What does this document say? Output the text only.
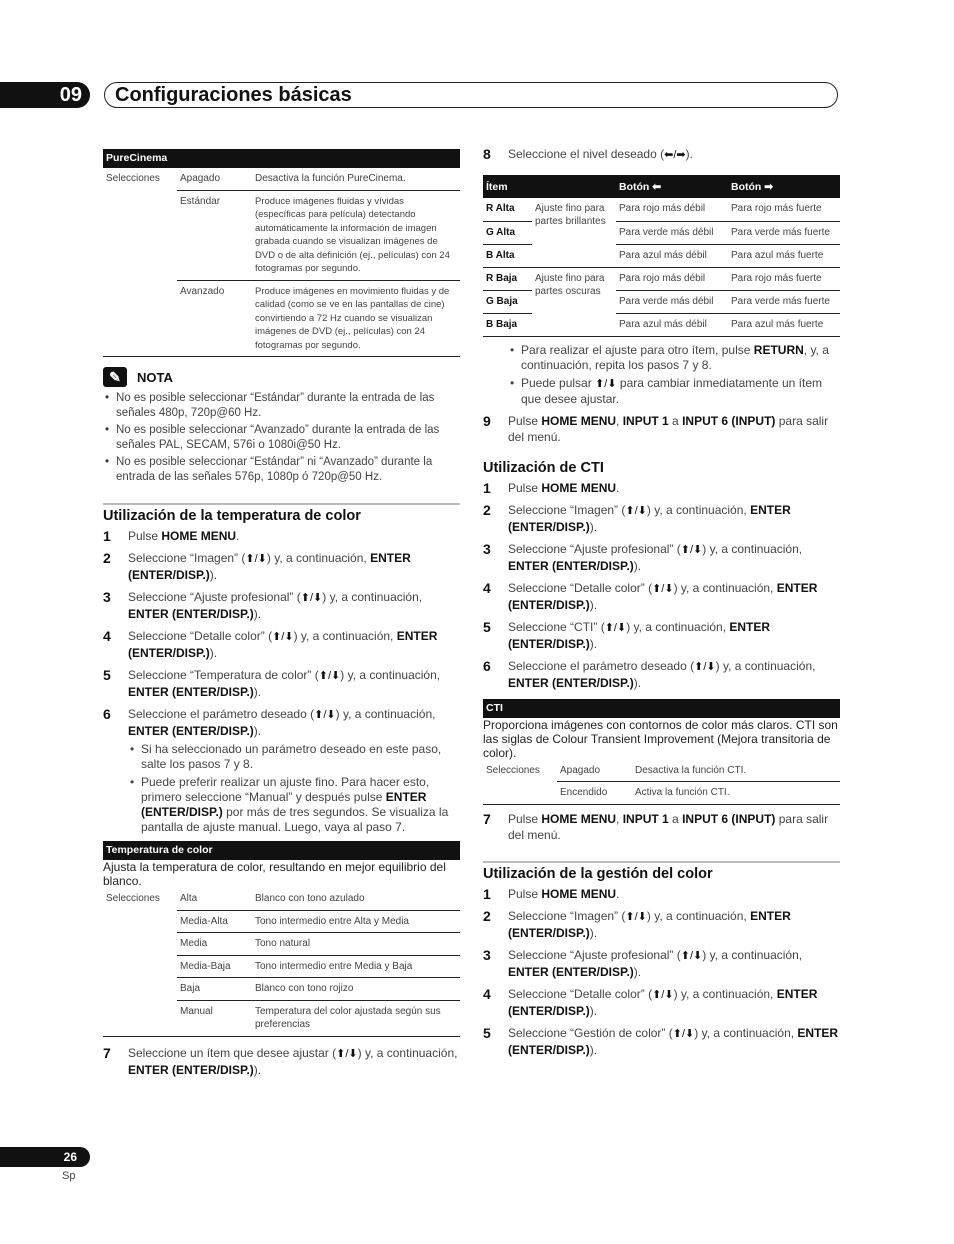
09	Configuraciones básicas
PureCinema
Selecciones	Apagado	Desactiva la función PureCinema.
	Estándar	Produce imágenes fluidas y vívidas (específicas para película) detectando automáticamente la información de imagen grabada cuando se visualizan imágenes de DVD o de alta definición (ej., películas) con 24 fotogramas por segundo.
	Avanzado	Produce imágenes en movimiento fluidas y de calidad (como se ve en las pantallas de cine) convirtiendo a 72 Hz cuando se visualizan imágenes de DVD (ej., películas) con 24 fotogramas por segundo.
✎	NOTA
• No es posible seleccionar “Estándar” durante la entrada de las señales 480p, 720p@60 Hz.
• No es posible seleccionar “Avanzado” durante la entrada de las señales PAL, SECAM, 576i o 1080i@50 Hz.
• No es posible seleccionar “Estándar” ni “Avanzado” durante la entrada de las señales 576p, 1080p ó 720p@50 Hz.
Utilización de la temperatura de color
1	Pulse HOME MENU.
2	Seleccione “Imagen” (⬆/⬇) y, a continuación, ENTER (ENTER/DISP.)).
3	Seleccione “Ajuste profesional” (⬆/⬇) y, a continuación, ENTER (ENTER/DISP.)).
4	Seleccione “Detalle color” (⬆/⬇) y, a continuación, ENTER (ENTER/DISP.)).
5	Seleccione “Temperatura de color” (⬆/⬇) y, a continuación, ENTER (ENTER/DISP.)).
6	Seleccione el parámetro deseado (⬆/⬇) y, a continuación, ENTER (ENTER/DISP.)).
• Si ha seleccionado un parámetro deseado en este paso, salte los pasos 7 y 8.
• Puede preferir realizar un ajuste fino. Para hacer esto, primero seleccione “Manual” y después pulse ENTER (ENTER/DISP.) por más de tres segundos. Se visualiza la pantalla de ajuste manual. Luego, vaya al paso 7.
Temperatura de color
Ajusta la temperatura de color, resultando en mejor equilibrio del blanco.
Selecciones	Alta	Blanco con tono azulado
	Media-Alta	Tono intermedio entre Alta y Media
	Media	Tono natural
	Media-Baja	Tono intermedio entre Media y Baja
	Baja	Blanco con tono rojizo
	Manual	Temperatura del color ajustada según sus preferencias
7	Seleccione un ítem que desee ajustar (⬆/⬇) y, a continuación, ENTER (ENTER/DISP.)).
8	Seleccione el nivel deseado (⬅/➡).
Ítem		Botón ⬅	Botón ➡
R Alta	Ajuste fino para partes brillantes	Para rojo más débil	Para rojo más fuerte
G Alta		Para verde más débil	Para verde más fuerte
B Alta		Para azul más débil	Para azul más fuerte
R Baja	Ajuste fino para partes oscuras	Para rojo más débil	Para rojo más fuerte
G Baja		Para verde más débil	Para verde más fuerte
B Baja		Para azul más débil	Para azul más fuerte
• Para realizar el ajuste para otro ítem, pulse RETURN, y, a continuación, repita los pasos 7 y 8.
• Puede pulsar ⬆/⬇ para cambiar inmediatamente un ítem que desee ajustar.
9	Pulse HOME MENU, INPUT 1 a INPUT 6 (INPUT) para salir del menú.
Utilización de CTI
1	Pulse HOME MENU.
2	Seleccione “Imagen” (⬆/⬇) y, a continuación, ENTER (ENTER/DISP.)).
3	Seleccione “Ajuste profesional” (⬆/⬇) y, a continuación, ENTER (ENTER/DISP.)).
4	Seleccione “Detalle color” (⬆/⬇) y, a continuación, ENTER (ENTER/DISP.)).
5	Seleccione “CTI” (⬆/⬇) y, a continuación, ENTER (ENTER/DISP.)).
6	Seleccione el parámetro deseado (⬆/⬇) y, a continuación, ENTER (ENTER/DISP.)).
CTI
Proporciona imágenes con contornos de color más claros. CTI son las siglas de Colour Transient Improvement (Mejora transitoria de color).
Selecciones	Apagado	Desactiva la función CTI.
	Encendido	Activa la función CTI.
7	Pulse HOME MENU, INPUT 1 a INPUT 6 (INPUT) para salir del menú.
Utilización de la gestión del color
1	Pulse HOME MENU.
2	Seleccione “Imagen” (⬆/⬇) y, a continuación, ENTER (ENTER/DISP.)).
3	Seleccione “Ajuste profesional” (⬆/⬇) y, a continuación, ENTER (ENTER/DISP.)).
4	Seleccione “Detalle color” (⬆/⬇) y, a continuación, ENTER (ENTER/DISP.)).
5	Seleccione “Gestión de color” (⬆/⬇) y, a continuación, ENTER (ENTER/DISP.)).
26
Sp
